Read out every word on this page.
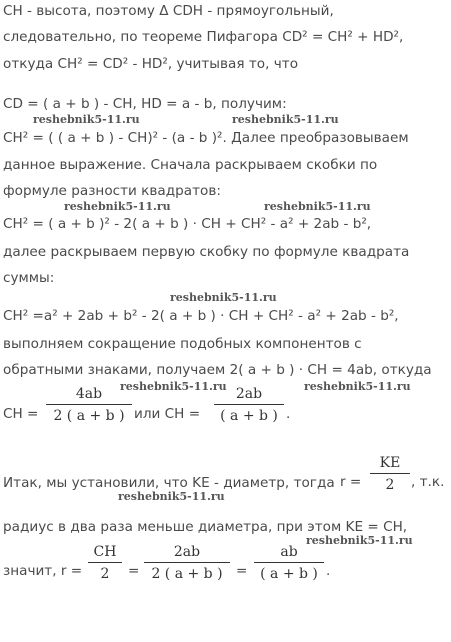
CH - высота, поэтому Δ CDH - прямоугольный,
следовательно, по теореме Пифагора CD² = CH² + HD²,
откуда CH² = CD² - HD², учитывая то, что
CD = ( a + b ) - CH, HD = a - b, получим:
CH² = ( ( a + b ) - CH)² - (a - b )². Далее преобразовываем
данное выражение. Сначала раскрываем скобки по
формуле разности квадратов:
CH² = ( a + b )² - 2( a + b ) · CH + CH² - a² + 2ab - b²,
далее раскрываем первую скобку по формуле квадрата
суммы:
CH² =a² + 2ab + b² - 2( a + b ) · CH + CH² - a² + 2ab - b²,
выполняем сокращение подобных компонентов с
обратными знаками, получаем 2( a + b ) · CH = 4ab, откуда
Итак, мы установили, что KE - диаметр, тогда
радиус в два раза меньше диаметра, при этом KE = CH,
CH = $\frac{4ab}{2 ( a + b )}$ или CH = $\frac{2ab}{( a + b )}$ .
$r = \frac{KE}{2}$ , т.к.
значит, $r = \frac{CH}{2} = \frac{2ab}{2 ( a + b )} = \frac{ab}{( a + b )}$ .
reshebnik5-11.ru	reshebnik5-11.ru
reshebnik5-11.ru	reshebnik5-11.ru
reshebnik5-11.ru
reshebnik5-11.ru	reshebnik5-11.ru
reshebnik5-11.ru
reshebnik5-11.ru
